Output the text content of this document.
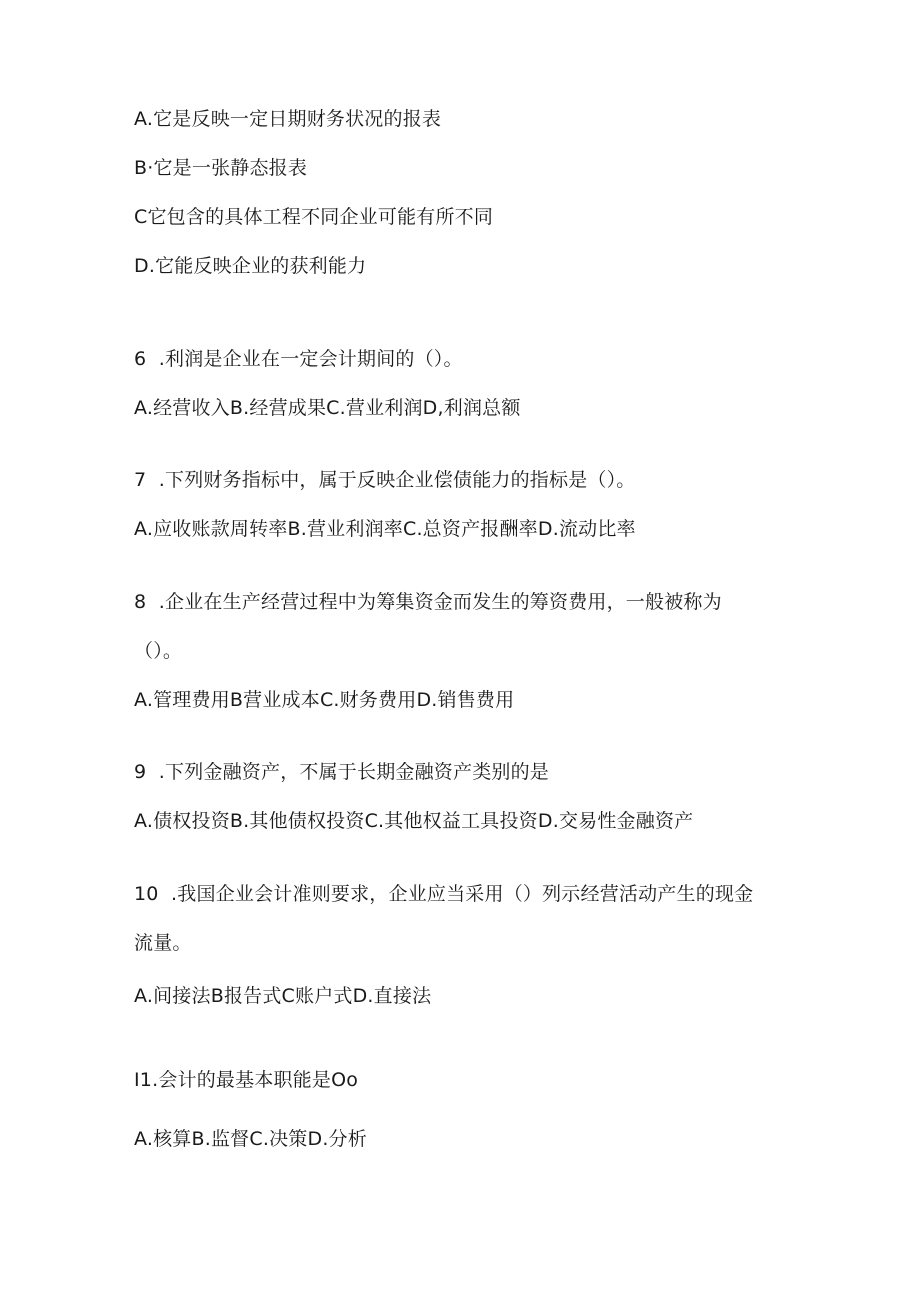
A.它是反映一定日期财务状况的报表
B·它是一张静态报表
C它包含的具体工程不同企业可能有所不同
D.它能反映企业的获利能力
6  .利润是企业在一定会计期间的（）。
A.经营收入B.经营成果C.营业利润D,利润总额
7  .下列财务指标中，属于反映企业偿债能力的指标是（）。
A.应收账款周转率B.营业利润率C.总资产报酬率D.流动比率
8  .企业在生产经营过程中为筹集资金而发生的筹资费用，一般被称为
（）。
A.管理费用B营业成本C.财务费用D.销售费用
9  .下列金融资产，不属于长期金融资产类别的是
A.债权投资B.其他债权投资C.其他权益工具投资D.交易性金融资产
10  .我国企业会计准则要求，企业应当采用（）列示经营活动产生的现金
流量。
A.间接法B报告式C账户式D.直接法
I1.会计的最基本职能是Oo
A.核算B.监督C.决策D.分析
